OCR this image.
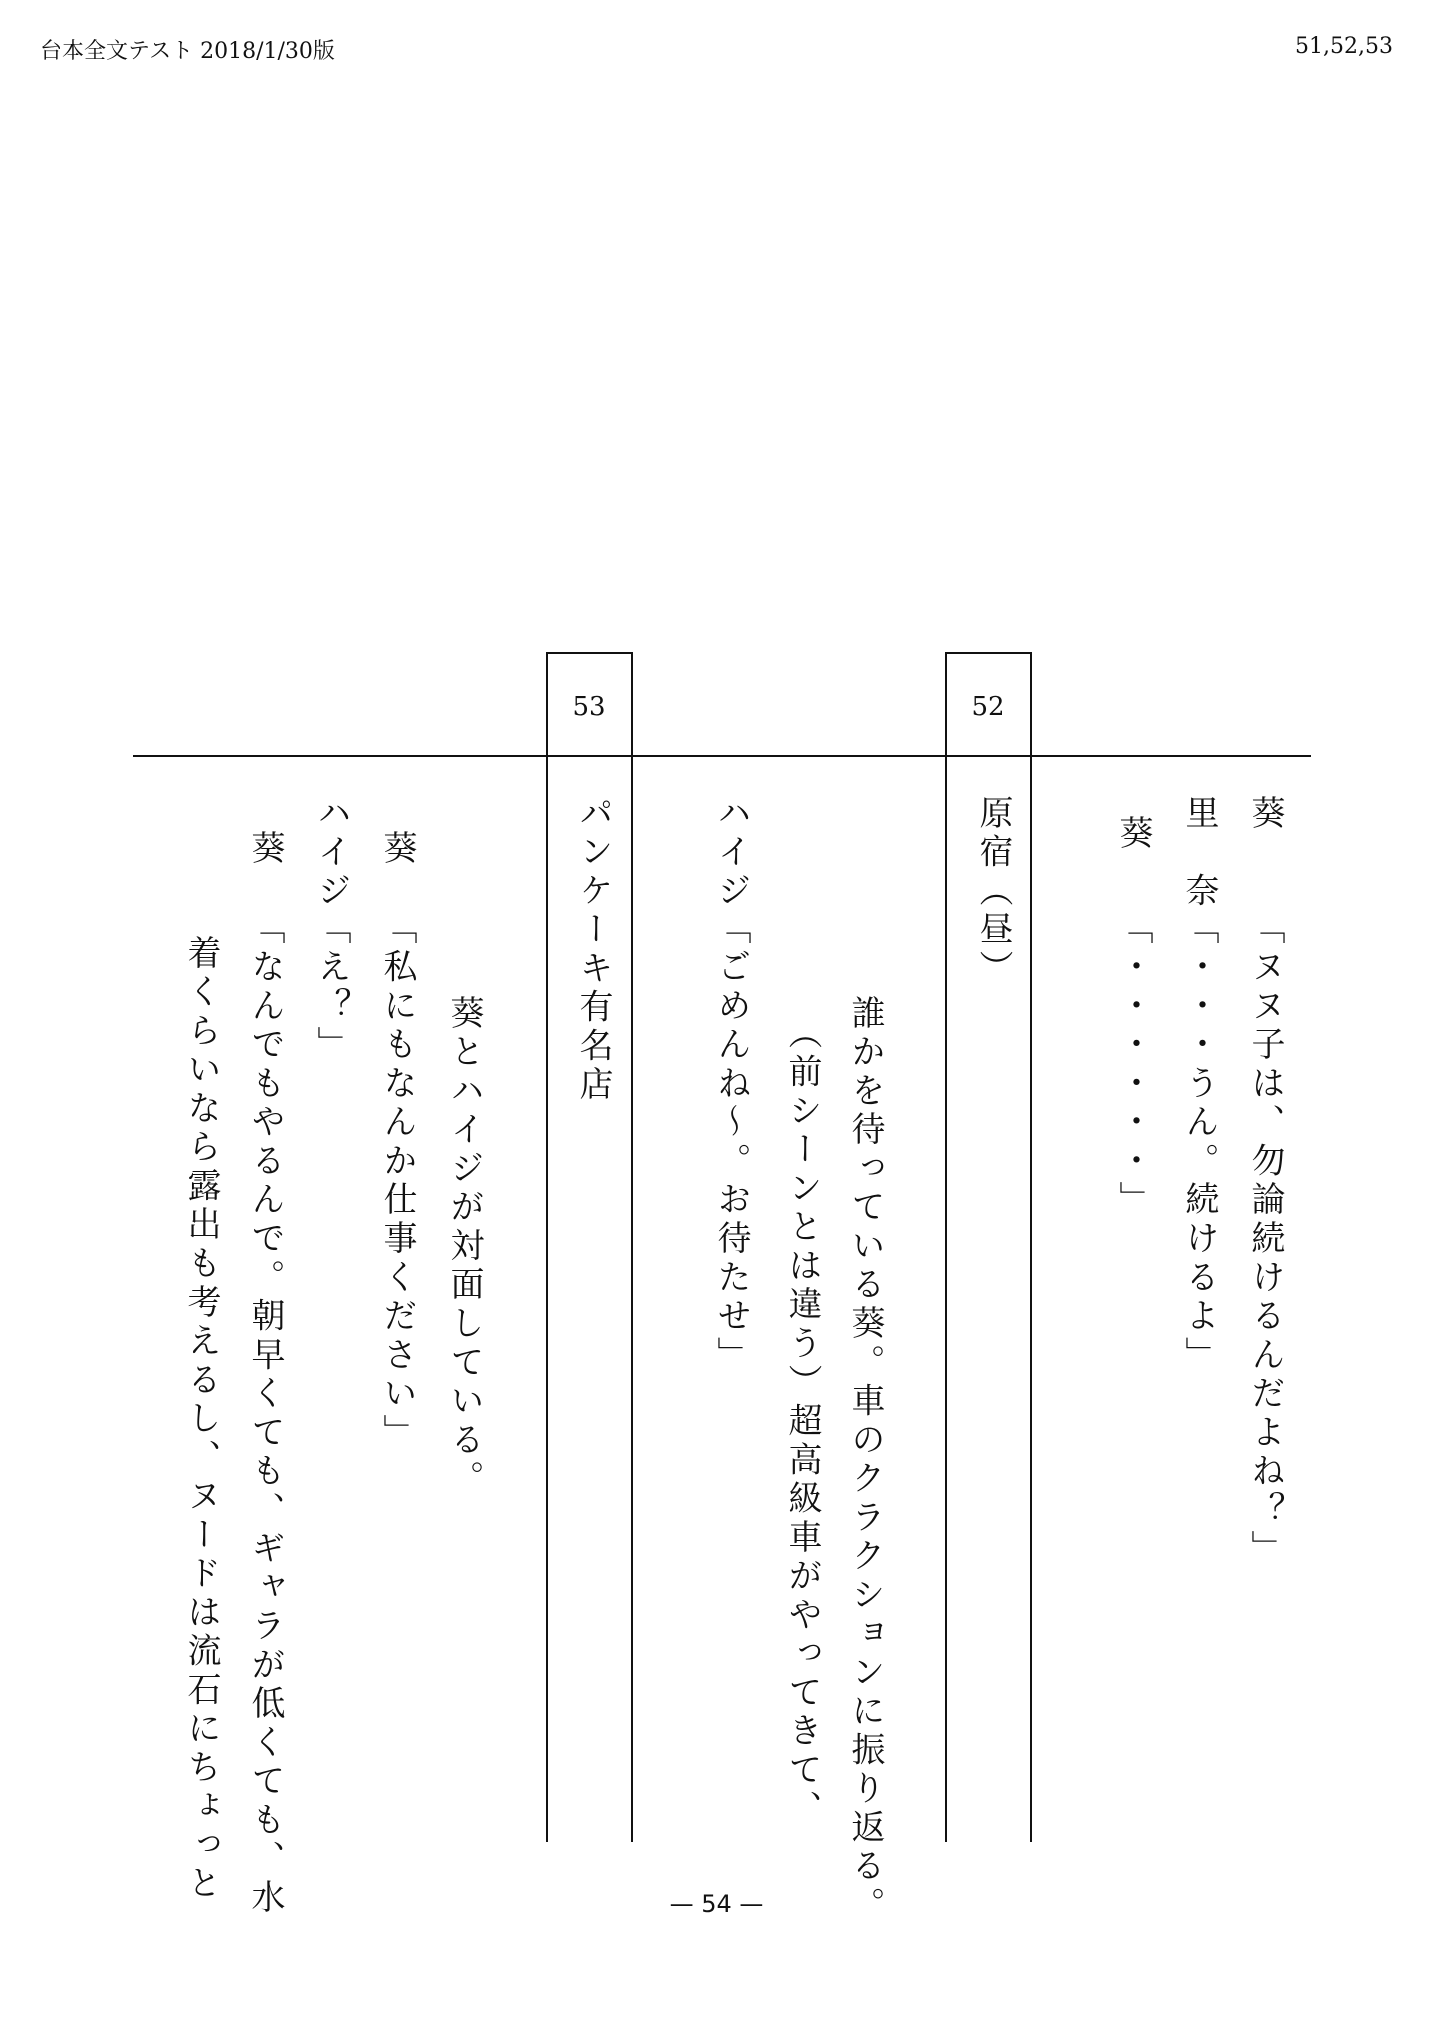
台本全文テスト 2018/1/30版	51,52,53
52
53
葵
「ヌヌ子は、勿論続けるんだよね？」
里　奈
「・・・うん。続けるよ」
葵
「・・・・・・」
原宿（昼）
誰かを待っている葵。車のクラクションに振り返る。
（前シーンとは違う）超高級車がやってきて、
ハイジ
「ごめんね～。お待たせ」
パンケーキ有名店
葵とハイジが対面している。
葵
「私にもなんか仕事ください」
ハイジ
「え？」
葵
「なんでもやるんで。朝早くても、ギャラが低くても、水
着くらいなら露出も考えるし、ヌードは流石にちょっと	— 54 —
